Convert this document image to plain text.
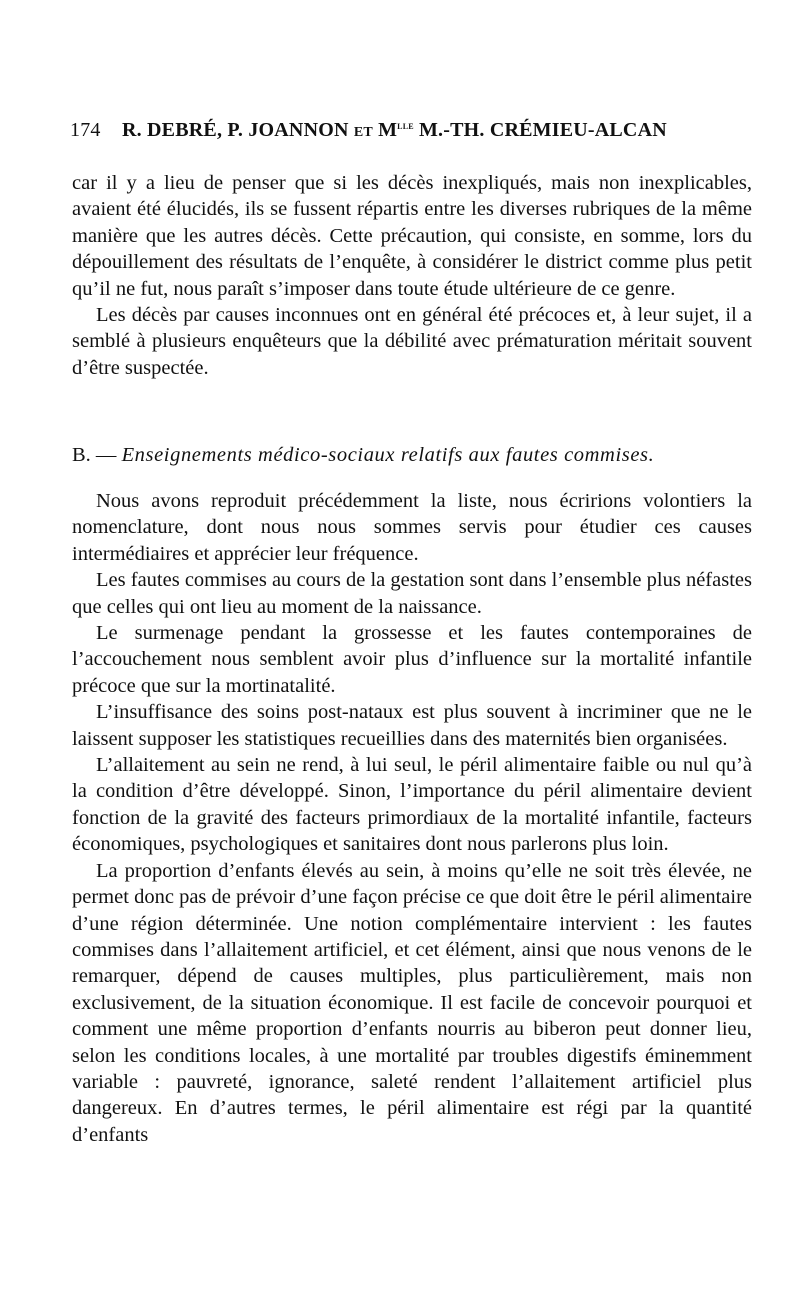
174 R. DEBRÉ, P. JOANNON et $M^{lle}$ M.-TH. CRÉMIEU-ALCAN

car il y a lieu de penser que si les décès inexpliqués, mais non inexplicables, avaient été élucidés, ils se fussent répartis entre les diverses rubriques de la même manière que les autres décès. Cette précaution, qui consiste, en somme, lors du dépouillement des résultats de l’enquête, à considérer le district comme plus petit qu’il ne fut, nous paraît s’imposer dans toute étude ultérieure de ce genre.

Les décès par causes inconnues ont en général été précoces et, à leur sujet, il a semblé à plusieurs enquêteurs que la débilité avec prématuration méritait souvent d’être suspectée.

B. — Enseignements médico-sociaux relatifs aux fautes commises.

Nous avons reproduit précédemment la liste, nous écririons volontiers la nomenclature, dont nous nous sommes servis pour étudier ces causes intermédiaires et apprécier leur fréquence.

Les fautes commises au cours de la gestation sont dans l’ensemble plus néfastes que celles qui ont lieu au moment de la naissance.

Le surmenage pendant la grossesse et les fautes contemporaines de l’accouchement nous semblent avoir plus d’influence sur la mortalité infantile précoce que sur la mortinatalité.

L’insuffisance des soins post-nataux est plus souvent à incriminer que ne le laissent supposer les statistiques recueillies dans des maternités bien organisées.

L’allaitement au sein ne rend, à lui seul, le péril alimentaire faible ou nul qu’à la condition d’être développé. Sinon, l’importance du péril alimentaire devient fonction de la gravité des facteurs primordiaux de la mortalité infantile, facteurs économiques, psychologiques et sanitaires dont nous parlerons plus loin.

La proportion d’enfants élevés au sein, à moins qu’elle ne soit très élevée, ne permet donc pas de prévoir d’une façon précise ce que doit être le péril alimentaire d’une région déterminée. Une notion complémentaire intervient : les fautes commises dans l’allaitement artificiel, et cet élément, ainsi que nous venons de le remarquer, dépend de causes multiples, plus particulièrement, mais non exclusivement, de la situation économique. Il est facile de concevoir pourquoi et comment une même proportion d’enfants nourris au biberon peut donner lieu, selon les conditions locales, à une mortalité par troubles digestifs éminemment variable : pauvreté, ignorance, saleté rendent l’allaitement artificiel plus dangereux. En d’autres termes, le péril alimentaire est régi par la quantité d’enfants
